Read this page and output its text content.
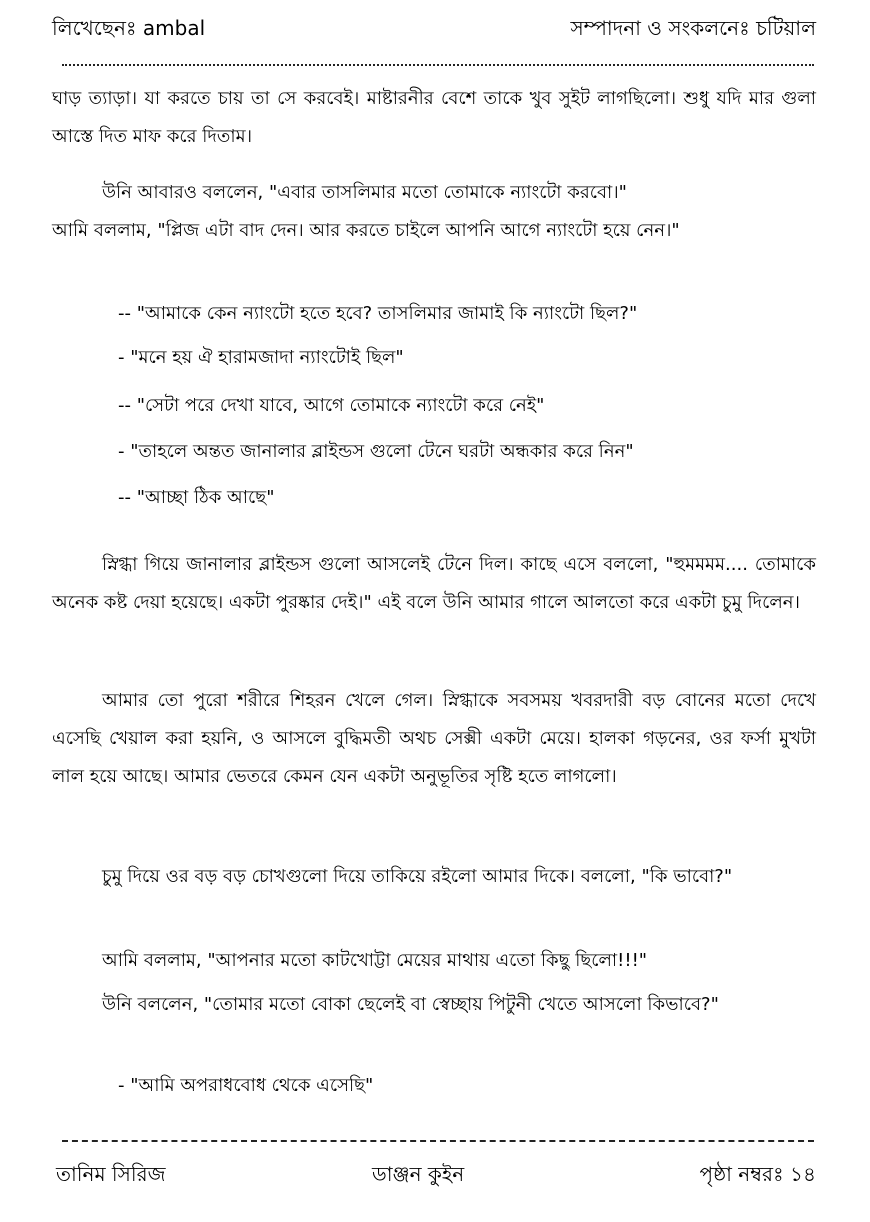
লিখেছেনঃ ambal	সম্পাদনা ও সংকলনেঃ চটিয়াল
ঘাড় ত্যাড়া। যা করতে চায় তা সে করবেই। মাষ্টারনীর বেশে তাকে খুব সুইট লাগছিলো। শুধু যদি মার গুলা আস্তে দিত মাফ করে দিতাম।
উনি আবারও বললেন, "এবার তাসলিমার মতো তোমাকে ন্যাংটো করবো।"
আমি বললাম, "প্লিজ এটা বাদ দেন। আর করতে চাইলে আপনি আগে ন্যাংটো হয়ে নেন।"
-- "আমাকে কেন ন্যাংটো হতে হবে? তাসলিমার জামাই কি ন্যাংটো ছিল?"
- "মনে হয় ঐ হারামজাদা ন্যাংটোই ছিল"
-- "সেটা পরে দেখা যাবে, আগে তোমাকে ন্যাংটো করে নেই"
- "তাহলে অন্তত জানালার ব্লাইন্ডস গুলো টেনে ঘরটা অন্ধকার করে নিন"
-- "আচ্ছা ঠিক আছে"
স্নিগ্ধা গিয়ে জানালার ব্লাইন্ডস গুলো আসলেই টেনে দিল। কাছে এসে বললো, "হুমমমম.... তোমাকে অনেক কষ্ট দেয়া হয়েছে। একটা পুরষ্কার দেই।" এই বলে উনি আমার গালে আলতো করে একটা চুমু দিলেন।
আমার তো পুরো শরীরে শিহরন খেলে গেল। স্নিগ্ধাকে সবসময় খবরদারী বড় বোনের মতো দেখে এসেছি খেয়াল করা হয়নি, ও আসলে বুদ্ধিমতী অথচ সেক্সী একটা মেয়ে। হালকা গড়নের, ওর ফর্সা মুখটা লাল হয়ে আছে। আমার ভেতরে কেমন যেন একটা অনুভূতির সৃষ্টি হতে লাগলো।
চুমু দিয়ে ওর বড় বড় চোখগুলো দিয়ে তাকিয়ে রইলো আমার দিকে। বললো, "কি ভাবো?"
আমি বললাম, "আপনার মতো কাটখোট্টা মেয়ের মাথায় এতো কিছু ছিলো!!!"
উনি বললেন, "তোমার মতো বোকা ছেলেই বা স্বেচ্ছায় পিটুনী খেতে আসলো কিভাবে?"
- "আমি অপরাধবোধ থেকে এসেছি"
তানিম সিরিজ	ডাঞ্জন কুইন	পৃষ্ঠা নম্বরঃ ১৪
